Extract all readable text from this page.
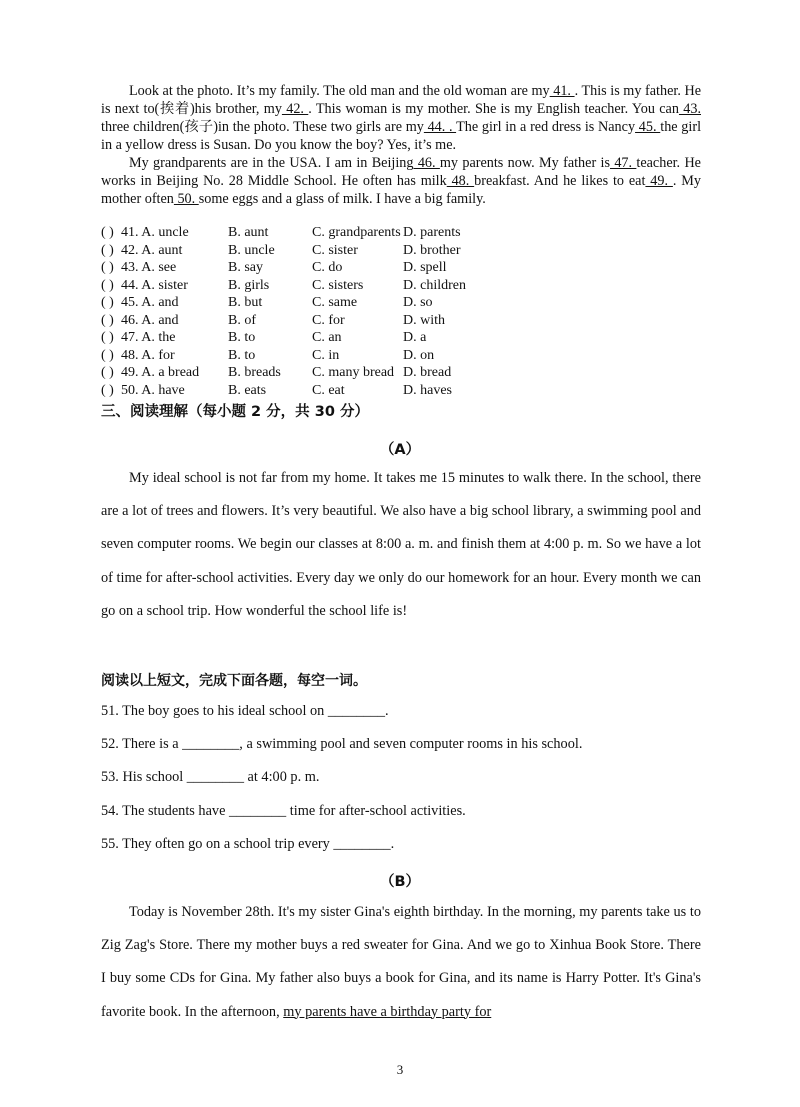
Look at the photo. It’s my family. The old man and the old woman are my 41. . This is my father. He is next to(挨着)his brother, my 42. . This woman is my mother. She is my English teacher. You can 43. three children(孩子)in the photo. These two girls are my 44. . The girl in a red dress is Nancy 45. the girl in a yellow dress is Susan. Do you know the boy? Yes, it’s me.

My grandparents are in the USA. I am in Beijing 46. my parents now. My father is 47. teacher. He works in Beijing No. 28 Middle School. He often has milk 48. breakfast. And he likes to eat 49. . My mother often 50. some eggs and a glass of milk. I have a big family.

( ) 41. A. uncle	B. aunt	C. grandparents D. parents
( ) 42. A. aunt	B. uncle	C. sister	D. brother
( ) 43. A. see	B. say	C. do	D. spell
( ) 44. A. sister	B. girls	C. sisters	D. children
( ) 45. A. and	B. but	C. same	D. so
( ) 46. A. and	B. of	C. for	D. with
( ) 47. A. the	B. to	C. an	D. a
( ) 48. A. for	B. to	C. in	D. on
( ) 49. A. a bread B. breads C. many bread D. bread
( ) 50. A. have	B. eats	C. eat	D. haves
三、阅读理解（每小题 2 分，共 30 分）
（A）

My ideal school is not far from my home. It takes me 15 minutes to walk there. In the school, there are a lot of trees and flowers. It’s very beautiful. We also have a big school library, a swimming pool and seven computer rooms. We begin our classes at 8:00 a. m. and finish them at 4:00 p. m. So we have a lot of time for after-school activities. Every day we only do our homework for an hour. Every month we can go on a school trip. How wonderful the school life is!

阅读以上短文，完成下面各题，每空一词。
51. The boy goes to his ideal school on ________.
52. There is a ________, a swimming pool and seven computer rooms in his school.
53. His school ________ at 4:00 p. m.
54. The students have ________ time for after-school activities.
55. They often go on a school trip every ________.
（B）

Today is November 28th. It's my sister Gina's eighth birthday. In the morning, my parents take us to Zig Zag's Store. There my mother buys a red sweater for Gina. And we go to Xinhua Book Store. There I buy some CDs for Gina. My father also buys a book for Gina, and its name is Harry Potter. It's Gina's favorite book. In the afternoon, my parents have a birthday party for

3
